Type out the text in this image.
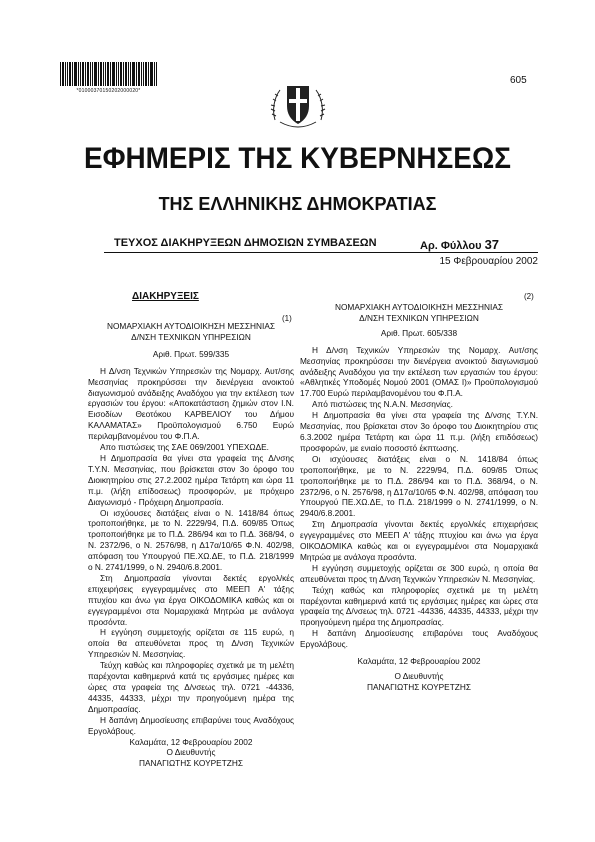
*01000370150202000020*
605
ΕΦΗΜΕΡΙΣ ΤΗΣ ΚΥΒΕΡΝΗΣΕΩΣ
ΤΗΣ ΕΛΛΗΝΙΚΗΣ ΔΗΜΟΚΡΑΤΙΑΣ
ΤΕΥΧΟΣ ΔΙΑΚΗΡΥΞΕΩΝ ΔΗΜΟΣΙΩΝ ΣΥΜΒΑΣΕΩΝ	Αρ. Φύλλου 37
15 Φεβρουαρίου 2002
ΔΙΑΚΗΡΥΞΕΙΣ
(1)
(2)

ΝΟΜΑΡΧΙΑΚΗ ΑΥΤΟΔΙΟΙΚΗΣΗ ΜΕΣΣΗΝΙΑΣ

Δ/ΝΣΗ ΤΕΧΝΙΚΩΝ ΥΠΗΡΕΣΙΩΝ

Αριθ. Πρωτ. 599/335

Η Δ/νση Τεχνικών Υπηρεσιών της Νομαρχ. Αυτ/σης Μεσσηνίας προκηρύσσει την διενέργεια ανοικτού διαγωνισμού ανάδειξης Αναδόχου για την εκτέλεση των εργασιών του έργου: «Αποκατάσταση ζημιών στον Ι.Ν. Εισοδίων Θεοτόκου ΚΑΡΒΕΛΙΟΥ του Δήμου ΚΑΛΑΜΑΤΑΣ» Προϋπολογισμού 6.750 Ευρώ περιλαμβανομένου του Φ.Π.Α.

Απο πιστώσεις της ΣΑΕ 069/2001 ΥΠΕΧΩΔΕ.

Η Δημοπρασία θα γίνει στα γραφεία της Δ/νσης Τ.Υ.Ν. Μεσσηνίας, που βρίσκεται στον 3ο όροφο του Διοικητηρίου στις 27.2.2002 ημέρα Τετάρτη και ώρα 11 π.μ. (λήξη επίδοσεως) προσφορών, με πρόχειρο Διαγωνισμό - Πρόχειρη Δημοπρασία.

Οι ισχύουσες διατάξεις είναι ο Ν. 1418/84 όπως τροποποιήθηκε, με το Ν. 2229/94, Π.Δ. 609/85 Όπως τροποποιήθηκε με το Π.Δ. 286/94 και το Π.Δ. 368/94, ο Ν. 2372/96, ο Ν. 2576/98, η Δ17α/10/65 Φ.Ν. 402/98, απόφαση του Υπουργού ΠΕ.ΧΩ.ΔΕ, το Π.Δ. 218/1999 ο Ν. 2741/1999, ο Ν. 2940/6.8.2001.

Στη Δημοπρασία γίνονται δεκτές εργολ/κές επιχειρήσεις εγγεγραμμένες στο ΜΕΕΠ Α' τάξης πτυχίου και άνω για έργα ΟΙΚΟΔΟΜΙΚΑ καθώς και οι εγγεγραμμένοι στα Νομαρχιακά Μητρώα με ανάλογα προσόντα.

Η εγγύηση συμμετοχής ορίζεται σε 115 ευρώ, η οποία θα απευθύνεται προς τη Δ/νση Τεχνικών Υπηρεσιών Ν. Μεσσηνίας.

Τεύχη καθώς και πληροφορίες σχετικά με τη μελέτη παρέχονται καθημερινά κατά τις εργάσιμες ημέρες και ώρες στα γραφεία της Δ/νσεως τηλ. 0721 -44336, 44335, 44333, μέχρι την προηγούμενη ημέρα της Δημοπρασίας.

Η δαπάνη Δημοσίευσης επιβαρύνει τους Αναδόχους Εργολάβους.

Καλαμάτα, 12 Φεβρουαρίου 2002

Ο Διευθυντής

ΠΑΝΑΓΙΩΤΗΣ ΚΟΥΡΕΤΖΗΣ

ΝΟΜΑΡΧΙΑΚΗ ΑΥΤΟΔΙΟΙΚΗΣΗ ΜΕΣΣΗΝΙΑΣ

Δ/ΝΣΗ ΤΕΧΝΙΚΩΝ ΥΠΗΡΕΣΙΩΝ

Αριθ. Πρωτ. 605/338

Η Δ/νση Τεχνικών Υπηρεσιών της Νομαρχ. Αυτ/σης Μεσσηνίας προκηρύσσει την διενέργεια ανοικτού διαγωνισμού ανάδειξης Αναδόχου για την εκτέλεση των εργασιών του έργου: «Αθλητικές Υποδομές Νομού 2001 (ΟΜΑΣ Ι)» Προϋπολογισμού 17.700 Ευρώ περιλαμβανομένου του Φ.Π.Α.

Από πιστώσεις της Ν.Α.Ν. Μεσσηνίας.

Η Δημοπρασία θα γίνει στα γραφεία της Δ/νσης Τ.Υ.Ν. Μεσσηνίας, που βρίσκεται στον 3ο όροφο του Διοικητηρίου στις 6.3.2002 ημέρα Τετάρτη και ώρα 11 π.μ. (λήξη επιδόσεως) προσφορών, με ενιαίο ποσοστό έκπτωσης.

Οι ισχύουσες διατάξεις είναι ο Ν. 1418/84 όπως τροποποιήθηκε, με το Ν. 2229/94, Π.Δ. 609/85 Όπως τροποποιήθηκε με το Π.Δ. 286/94 και το Π.Δ. 368/94, ο Ν. 2372/96, ο Ν. 2576/98, η Δ17α/10/65 Φ.Ν. 402/98, απόφαση του Υπουργού ΠΕ.ΧΩ.ΔΕ, το Π.Δ. 218/1999 ο Ν. 2741/1999, ο Ν. 2940/6.8.2001.

Στη Δημοπρασία γίνονται δεκτές εργολ/κές επιχειρήσεις εγγεγραμμένες στο ΜΕΕΠ Α' τάξης πτυχίου και άνω για έργα ΟΙΚΟΔΟΜΙΚΑ καθώς και οι εγγεγραμμένοι στα Νομαρχιακά Μητρώα με ανάλογα προσόντα.

Η εγγύηση συμμετοχής ορίζεται σε 300 ευρώ, η οποία θα απευθύνεται προς τη Δ/νση Τεχνικών Υπηρεσιών Ν. Μεσσηνίας.

Τεύχη καθώς και πληροφορίες σχετικά με τη μελέτη παρέχονται καθημερινά κατά τις εργάσιμες ημέρες και ώρες στα γραφεία της Δ/νσεως τηλ. 0721 -44336, 44335, 44333, μέχρι την προηγούμενη ημέρα της Δημοπρασίας.

Η δαπάνη Δημοσίευσης επιβαρύνει τους Αναδόχους Εργολάβους.

Καλαμάτα, 12 Φεβρουαρίου 2002

Ο Διευθυντής

ΠΑΝΑΓΙΩΤΗΣ ΚΟΥΡΕΤΖΗΣ
